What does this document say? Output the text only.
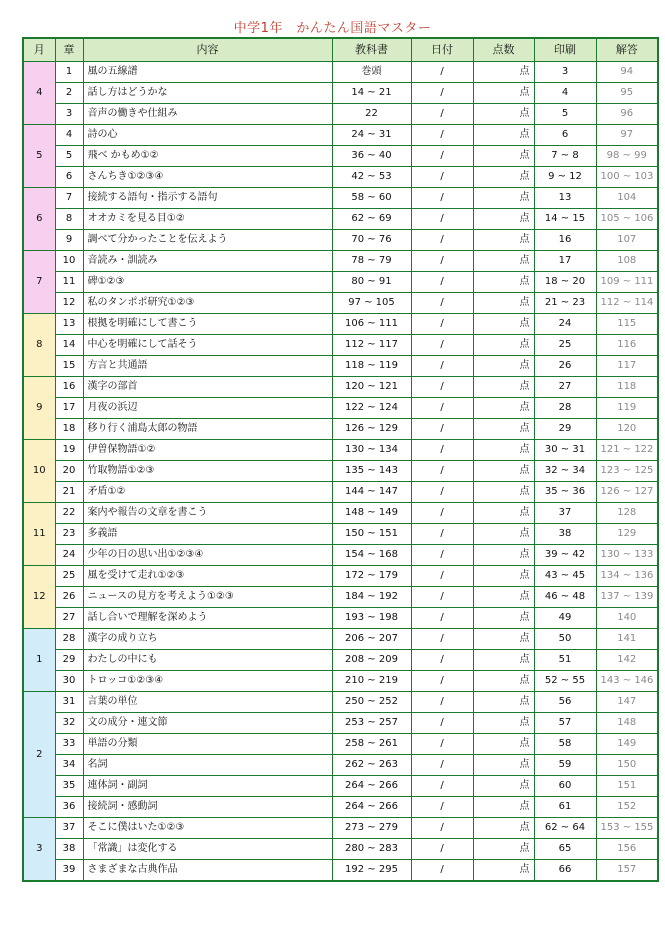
中学1年　かんたん国語マスター
月	章	内容	教科書	日付	点数	印刷	解答
4	1	風の五線譜	巻頭	/	点	3	94
	2	話し方はどうかな	14 ~ 21	/	点	4	95
	3	音声の働きや仕組み	22	/	点	5	96
5	4	詩の心	24 ~ 31	/	点	6	97
	5	飛べ かもめ①②	36 ~ 40	/	点	7 ~ 8	98 ~ 99
	6	さんちき①②③④	42 ~ 53	/	点	9 ~ 12	100 ~ 103
6	7	接続する語句・指示する語句	58 ~ 60	/	点	13	104
	8	オオカミを見る目①②	62 ~ 69	/	点	14 ~ 15	105 ~ 106
	9	調べて分かったことを伝えよう	70 ~ 76	/	点	16	107
7	10	音読み・訓読み	78 ~ 79	/	点	17	108
	11	碑①②③	80 ~ 91	/	点	18 ~ 20	109 ~ 111
	12	私のタンポポ研究①②③	97 ~ 105	/	点	21 ~ 23	112 ~ 114
8	13	根拠を明確にして書こう	106 ~ 111	/	点	24	115
	14	中心を明確にして話そう	112 ~ 117	/	点	25	116
	15	方言と共通語	118 ~ 119	/	点	26	117
9	16	漢字の部首	120 ~ 121	/	点	27	118
	17	月夜の浜辺	122 ~ 124	/	点	28	119
	18	移り行く浦島太郎の物語	126 ~ 129	/	点	29	120
10	19	伊曽保物語①②	130 ~ 134	/	点	30 ~ 31	121 ~ 122
	20	竹取物語①②③	135 ~ 143	/	点	32 ~ 34	123 ~ 125
	21	矛盾①②	144 ~ 147	/	点	35 ~ 36	126 ~ 127
11	22	案内や報告の文章を書こう	148 ~ 149	/	点	37	128
	23	多義語	150 ~ 151	/	点	38	129
	24	少年の日の思い出①②③④	154 ~ 168	/	点	39 ~ 42	130 ~ 133
12	25	風を受けて走れ①②③	172 ~ 179	/	点	43 ~ 45	134 ~ 136
	26	ニュースの見方を考えよう①②③	184 ~ 192	/	点	46 ~ 48	137 ~ 139
	27	話し合いで理解を深めよう	193 ~ 198	/	点	49	140
1	28	漢字の成り立ち	206 ~ 207	/	点	50	141
	29	わたしの中にも	208 ~ 209	/	点	51	142
	30	トロッコ①②③④	210 ~ 219	/	点	52 ~ 55	143 ~ 146
2	31	言葉の単位	250 ~ 252	/	点	56	147
	32	文の成分・連文節	253 ~ 257	/	点	57	148
	33	単語の分類	258 ~ 261	/	点	58	149
	34	名詞	262 ~ 263	/	点	59	150
	35	連体詞・副詞	264 ~ 266	/	点	60	151
	36	接続詞・感動詞	264 ~ 266	/	点	61	152
3	37	そこに僕はいた①②③	273 ~ 279	/	点	62 ~ 64	153 ~ 155
	38	「常識」は変化する	280 ~ 283	/	点	65	156
	39	さまざまな古典作品	192 ~ 295	/	点	66	157
